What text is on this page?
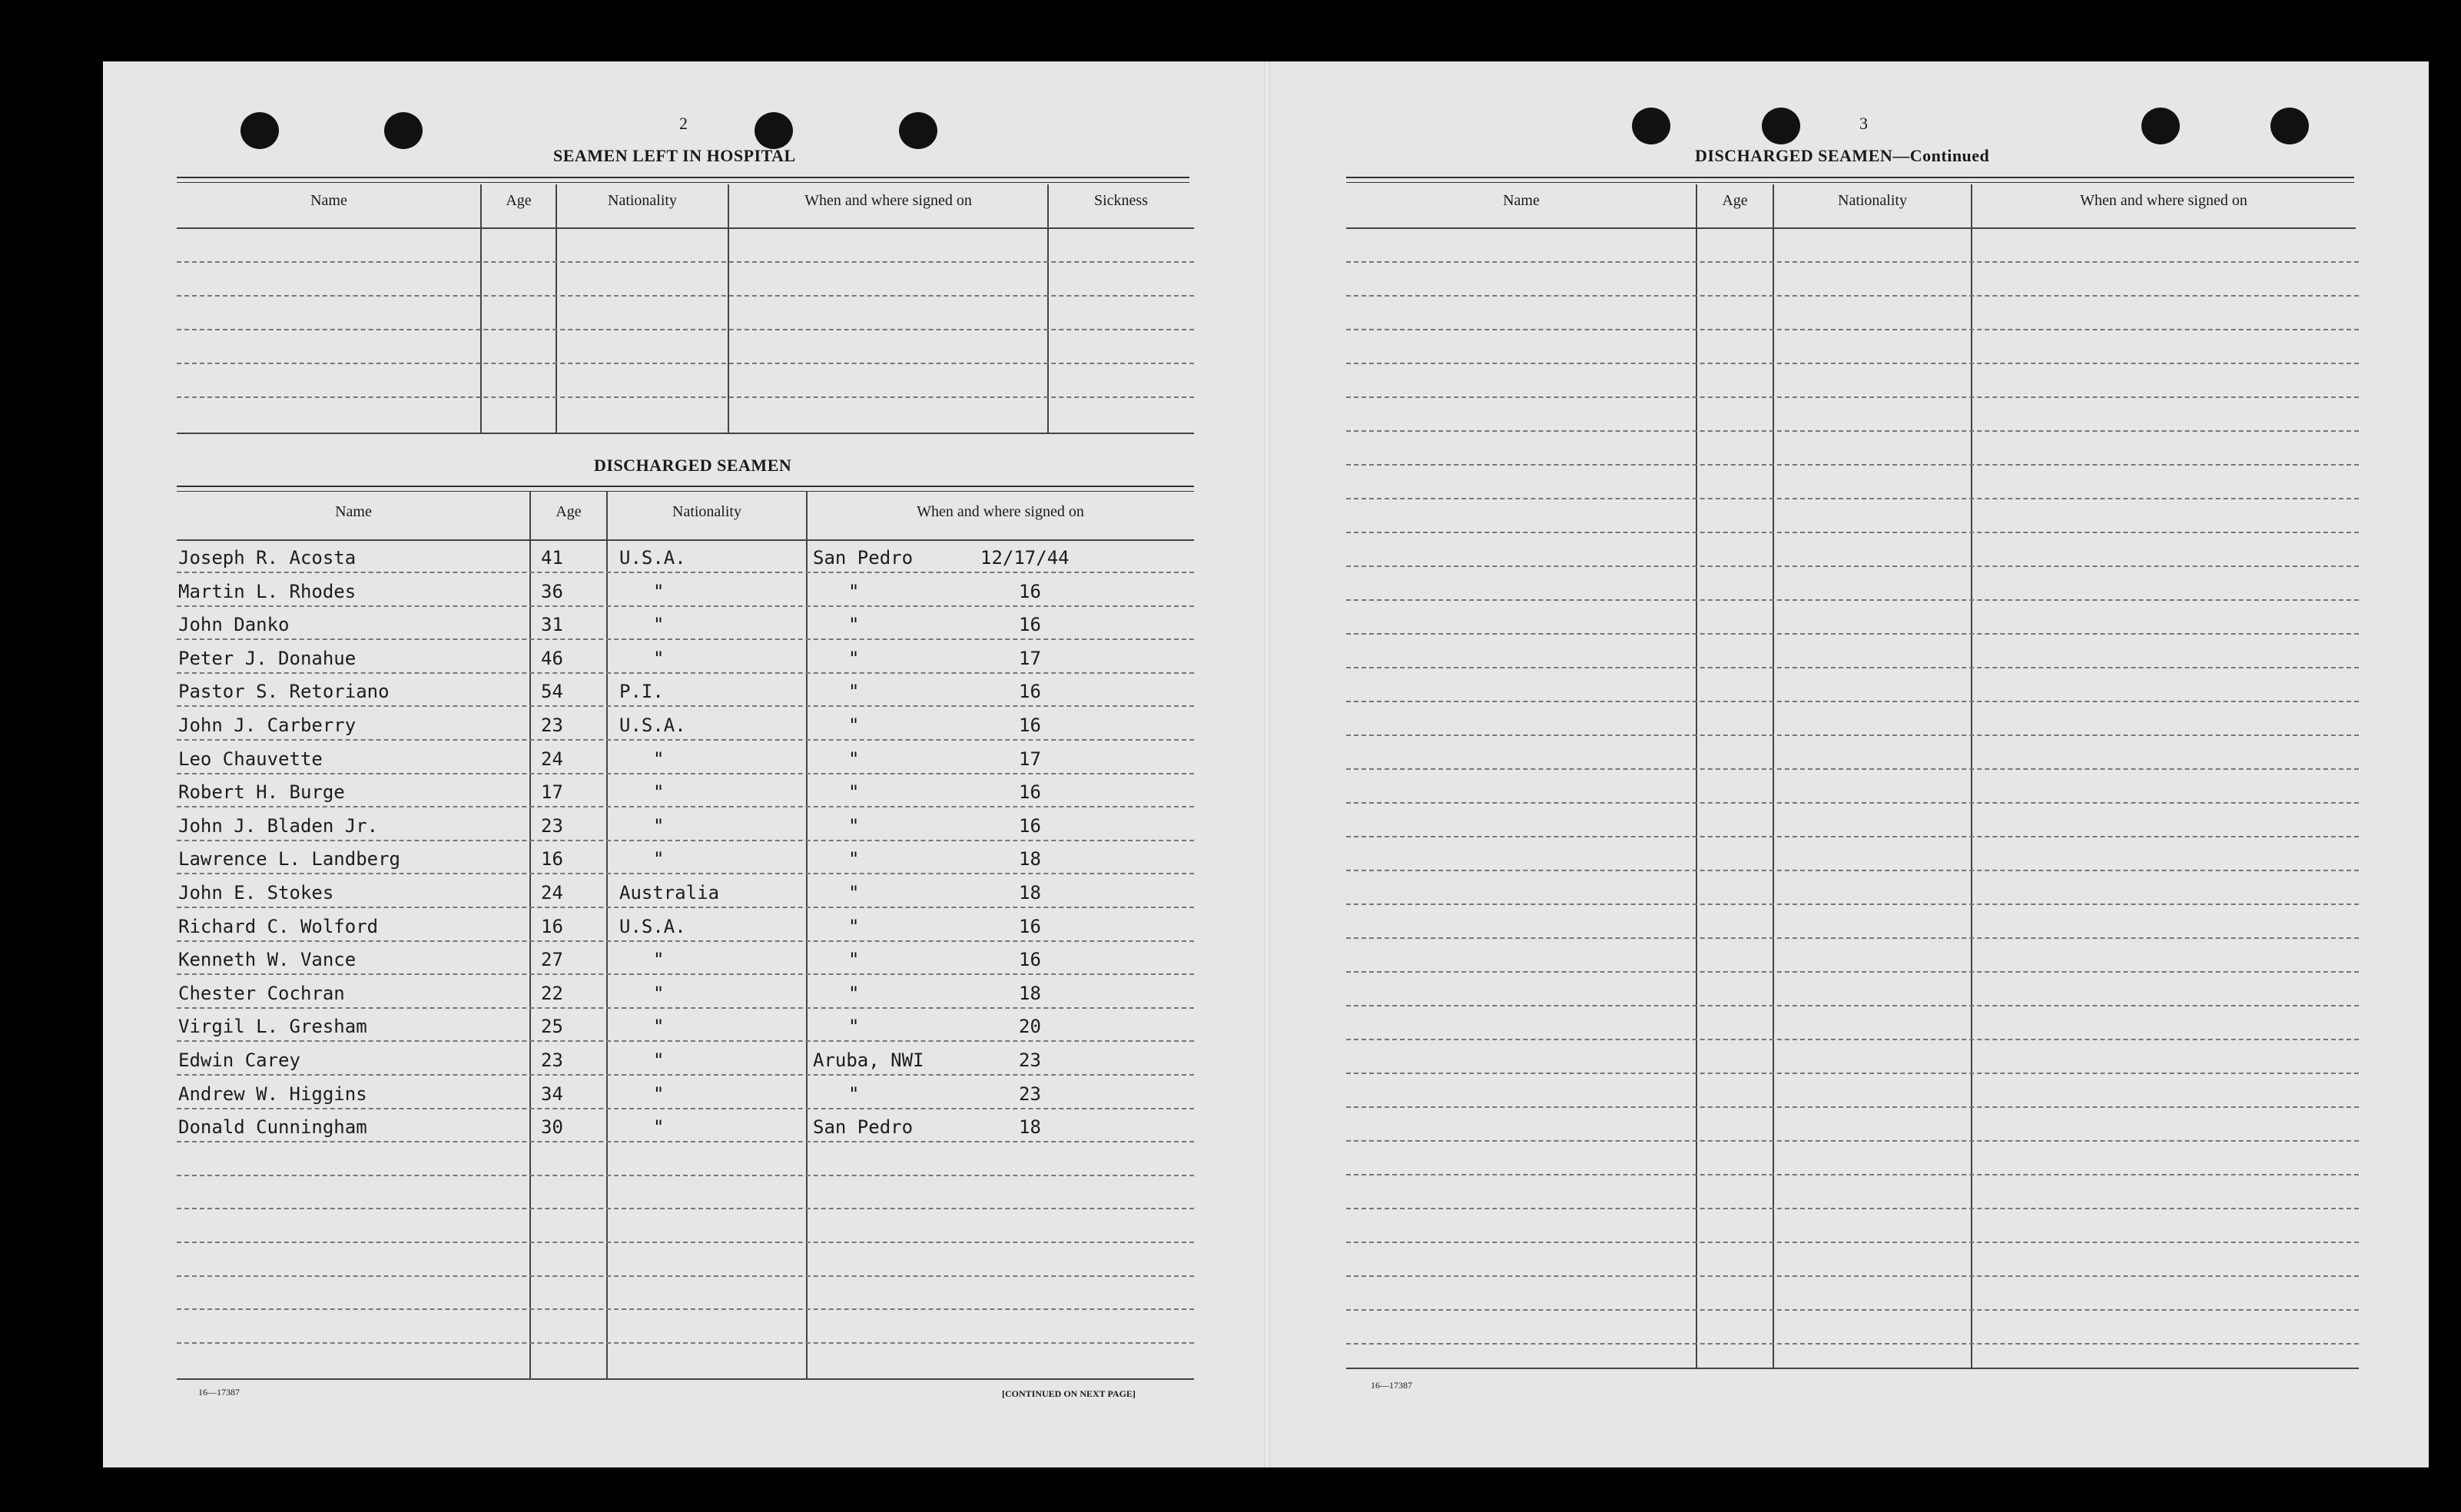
2
SEAMEN LEFT IN HOSPITAL
Name	Age	Nationality	When and where signed on	Sickness
DISCHARGED SEAMEN
Name	Age	Nationality	When and where signed on
Joseph R. Acosta	41	U.S.A.	San Pedro	12/17/44
Martin L. Rhodes	36	"	"	16
John Danko	31	"	"	16
Peter J. Donahue	46	"	"	17
Pastor S. Retoriano	54	P.I.	"	16
John J. Carberry	23	U.S.A.	"	16
Leo Chauvette	24	"	"	17
Robert H. Burge	17	"	"	16
John J. Bladen Jr.	23	"	"	16
Lawrence L. Landberg	16	"	"	18
John E. Stokes	24	Australia	"	18
Richard C. Wolford	16	U.S.A.	"	16
Kenneth W. Vance	27	"	"	16
Chester Cochran	22	"	"	18
Virgil L. Gresham	25	"	"	20
Edwin Carey	23	"	Aruba, NWI	23
Andrew W. Higgins	34	"	"	23
Donald Cunningham	30	"	San Pedro	18
16—17387	[CONTINUED ON NEXT PAGE]
3
DISCHARGED SEAMEN—Continued
Name	Age	Nationality	When and where signed on
16—17387
